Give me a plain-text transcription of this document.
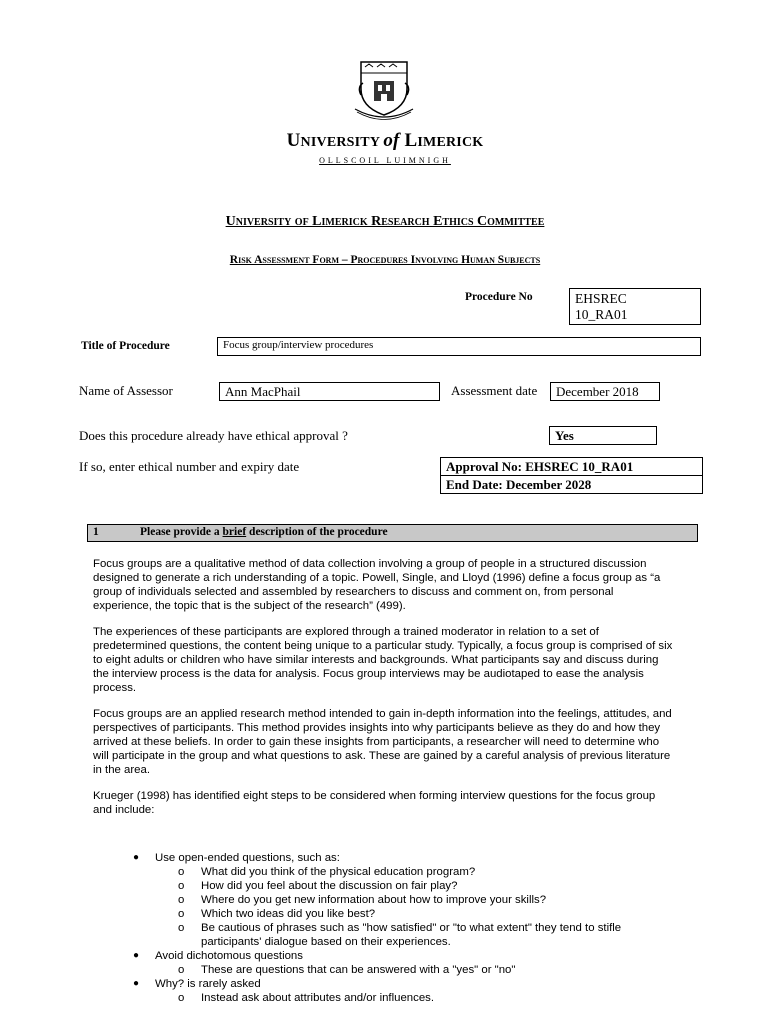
UNIVERSITY of LIMERICK
OLLSCOIL LUIMNIGH
University of Limerick Research Ethics Committee
Risk Assessment Form – Procedures Involving Human Subjects
Procedure No	EHSREC
10_RA01
Title of Procedure	Focus group/interview procedures
Name of Assessor	Ann MacPhail	Assessment date	December 2018
Does this procedure already have ethical approval ?	Yes
If so, enter ethical number and expiry date	Approval No: EHSREC 10_RA01
End Date: December 2028
1	Please provide a brief description of the procedure

Focus groups are a qualitative method of data collection involving a group of people in a structured discussion designed to generate a rich understanding of a topic. Powell, Single, and Lloyd (1996) define a focus group as “a group of individuals selected and assembled by researchers to discuss and comment on, from personal experience, the topic that is the subject of the research” (499).

The experiences of these participants are explored through a trained moderator in relation to a set of predetermined questions, the content being unique to a particular study. Typically, a focus group is comprised of six to eight adults or children who have similar interests and backgrounds. What participants say and discuss during the interview process is the data for analysis. Focus group interviews may be audiotaped to ease the analysis process.

Focus groups are an applied research method intended to gain in-depth information into the feelings, attitudes, and perspectives of participants. This method provides insights into why participants believe as they do and how they arrived at these beliefs. In order to gain these insights from participants, a researcher will need to determine who will participate in the group and what questions to ask. These are gained by a careful analysis of previous literature in the area.

Krueger (1998) has identified eight steps to be considered when forming interview questions for the focus group and include:

● Use open-ended questions, such as:
o What did you think of the physical education program?
o How did you feel about the discussion on fair play?
o Where do you get new information about how to improve your skills?
o Which two ideas did you like best?
o Be cautious of phrases such as "how satisfied" or "to what extent" they tend to stifle participants' dialogue based on their experiences.
● Avoid dichotomous questions
o These are questions that can be answered with a "yes" or "no"
● Why? is rarely asked
o Instead ask about attributes and/or influences.
